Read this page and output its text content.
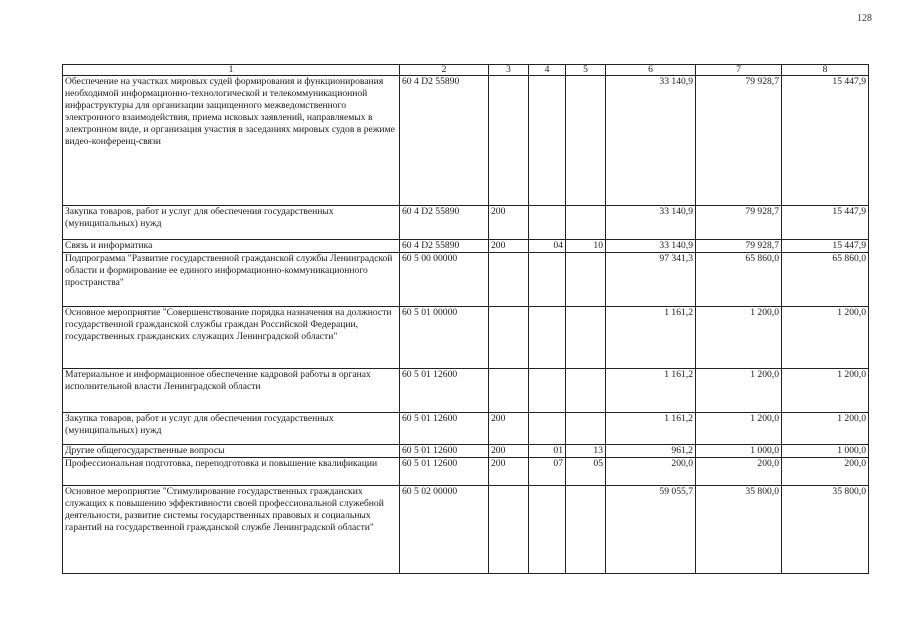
128
1	2	3	4	5	6	7	8
Обеспечение на участках мировых судей формирования и функционирования необходимой информационно-технологической и телекоммуникационной инфраструктуры для организации защищенного межведомственного электронного взаимодействия, приема исковых заявлений, направляемых в электронном виде, и организация участия в заседаниях мировых судов в режиме видео-конференц-связи	60 4 D2 55890				33 140,9	79 928,7	15 447,9
Закупка товаров, работ и услуг для обеспечения государственных (муниципальных) нужд	60 4 D2 55890	200			33 140,9	79 928,7	15 447,9
Связь и информатика	60 4 D2 55890	200	04	10	33 140,9	79 928,7	15 447,9
Подпрограмма "Развитие государственной гражданской службы Ленинградской области и формирование ее единого информационно-коммуникационного пространства"	60 5 00 00000				97 341,3	65 860,0	65 860,0
Основное мероприятие "Совершенствование порядка назначения на должности государственной гражданской службы граждан Российской Федерации, государственных гражданских служащих Ленинградской области"	60 5 01 00000				1 161,2	1 200,0	1 200,0
Материальное и информационное обеспечение кадровой работы в органах исполнительной власти Ленинградской области	60 5 01 12600				1 161,2	1 200,0	1 200,0
Закупка товаров, работ и услуг для обеспечения государственных (муниципальных) нужд	60 5 01 12600	200			1 161,2	1 200,0	1 200,0
Другие общегосударственные вопросы	60 5 01 12600	200	01	13	961,2	1 000,0	1 000,0
Профессиональная подготовка, переподготовка и повышение квалификации	60 5 01 12600	200	07	05	200,0	200,0	200,0
Основное мероприятие "Стимулирование государственных гражданских служащих к повышению эффективности своей профессиональной служебной деятельности, развитие системы государственных правовых и социальных гарантий на государственной гражданской службе Ленинградской области"	60 5 02 00000				59 055,7	35 800,0	35 800,0
